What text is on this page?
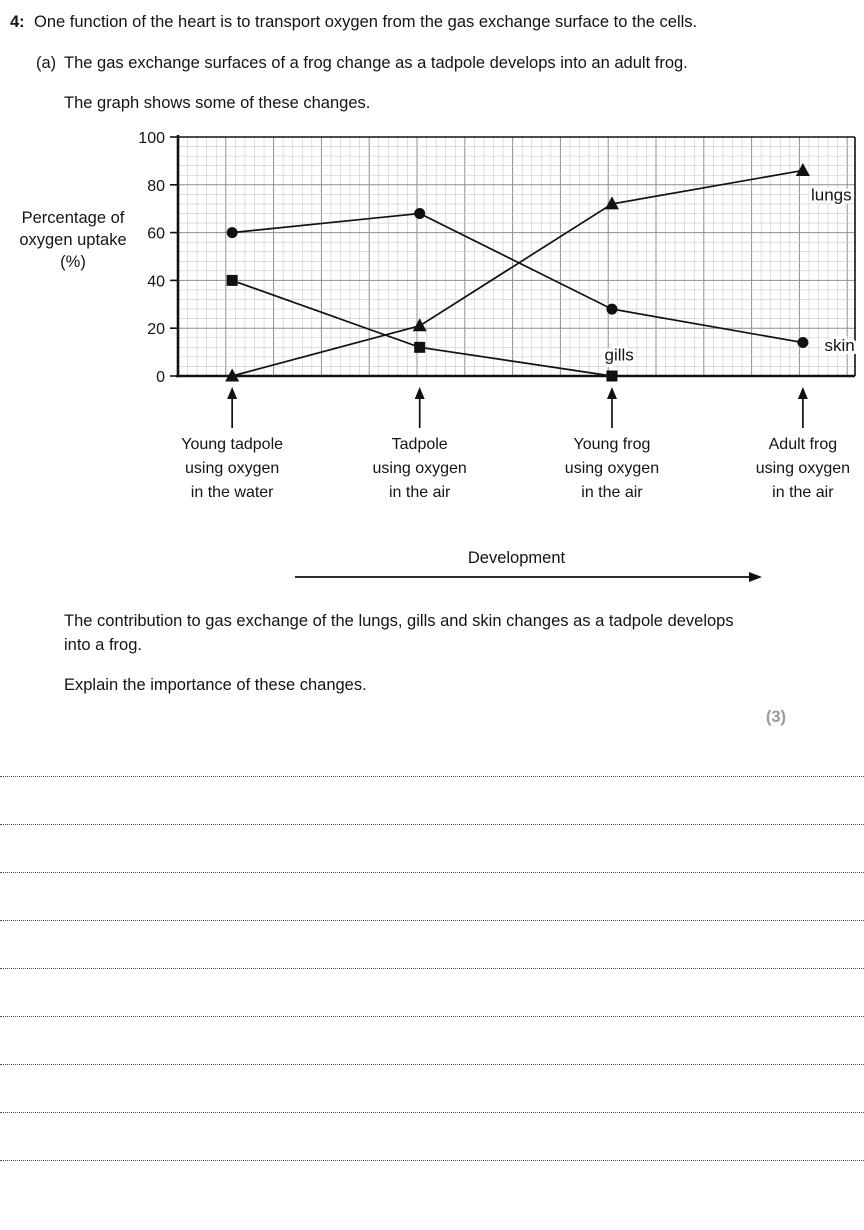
4: One function of the heart is to transport oxygen from the gas exchange surface to the cells.
(a) The gas exchange surfaces of a frog change as a tadpole develops into an adult frog.
The graph shows some of these changes.
Percentage of
oxygen uptake
(%)
0
20
40
60
80
100
skin
gills
lungs
Young tadpole using oxygen in the water
Tadpole using oxygen in the air
Young frog using oxygen in the air
Adult frog using oxygen in the air
Development
The contribution to gas exchange of the lungs, gills and skin changes as a tadpole develops into a frog.
Explain the importance of these changes.
(3)
